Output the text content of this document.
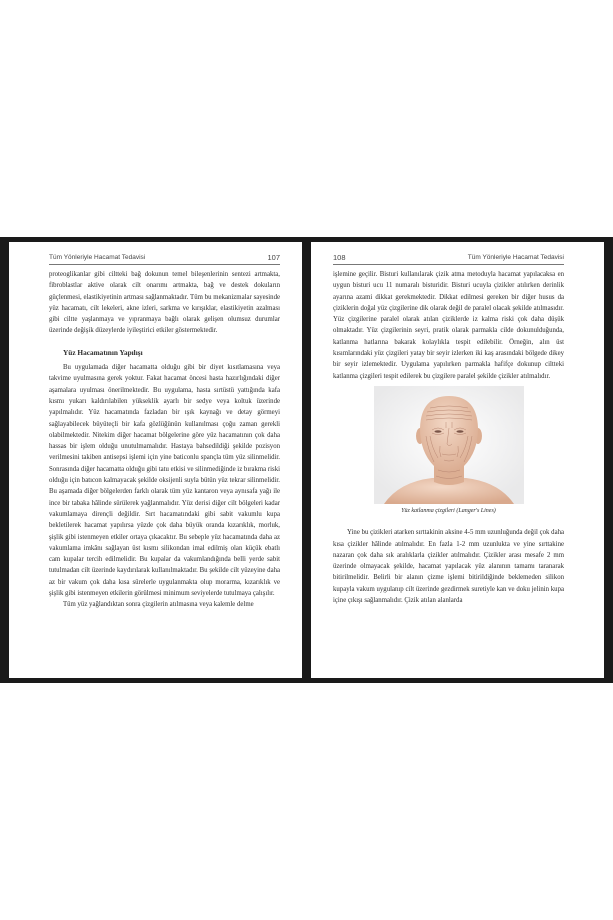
Tüm Yönleriyle Hacamat Tedavisi	107

proteoglikanlar gibi ciltteki bağ dokunun temel bileşenlerinin sentezi artmakta, fibroblastlar aktive olarak cilt onarımı artmakta, bağ ve destek dokuların güçlenmesi, elastikiyetinin artması sağlanmaktadır. Tüm bu mekanizmalar sayesinde yüz hacamatı, cilt lekeleri, akne izleri, sarkma ve kırışıklar, elastikiyetin azalması gibi ciltte yaşlanmaya ve yıpranmaya bağlı olarak gelişen olumsuz durumlar üzerinde değişik düzeylerde iyileştirici etkiler göstermektedir.

Yüz Hacamatının Yapılışı

Bu uygulamada diğer hacamatta olduğu gibi bir diyet kısıtlamasına veya takvime uyulmasına gerek yoktur. Fakat hacamat öncesi hasta hazırlığındaki diğer aşamalara uyulması önerilmektedir. Bu uygulama, hasta sırtüstü yattığında kafa kısmı yukarı kaldırılabilen yükseklik ayarlı bir sedye veya koltuk üzerinde yapılmalıdır. Yüz hacamatında fazladan bir ışık kaynağı ve detay görmeyi sağlayabilecek büyüteçli bir kafa gözlüğünün kullanılması çoğu zaman gerekli olabilmektedir. Nitekim diğer hacamat bölgelerine göre yüz hacamatının çok daha hassas bir işlem olduğu unutulmamalıdır. Hastaya bahsedildiği şekilde pozisyon verilmesini takiben antisepsi işlemi için yine baticonlu spançla tüm yüz silinmelidir. Sonrasında diğer hacamatta olduğu gibi tatu etkisi ve silinmediğinde iz bırakma riski olduğu için batıcon kalmayacak şekilde oksijenli suyla bütün yüz tekrar silinmelidir. Bu aşamada diğer bölgelerden farklı olarak tüm yüz kantaron veya aynısafa yağı ile ince bir tabaka hâlinde sürülerek yağlanmalıdır. Yüz derisi diğer cilt bölgeleri kadar vakumlamaya dirençli değildir. Sırt hacamatındaki gibi sabit vakumlu kupa bekletilerek hacamat yapılırsa yüzde çok daha büyük oranda kızarıklık, morluk, şişlik gibi istenmeyen etkiler ortaya çıkacaktır. Bu sebeple yüz hacamatında daha az vakumlama imkânı sağlayan üst kısmı silikondan imal edilmiş olan küçük ebatlı cam kupalar tercih edilmelidir. Bu kupalar da vakumlandığında belli yerde sabit tutulmadan cilt üzerinde kaydırılarak kullanılmaktadır. Bu şekilde cilt yüzeyine daha az bir vakum çok daha kısa sürelerle uygulanmakta olup morarma, kızarıklık ve şişlik gibi istenmeyen etkilerin görülmesi minimum seviyelerde tutulmaya çalışılır.

Tüm yüz yağlandıktan sonra çizgilerin atılmasına veya kalemle delme

108	Tüm Yönleriyle Hacamat Tedavisi

işlemine geçilir. Bisturi kullanılarak çizik atma metoduyla hacamat yapılacaksa en uygun bisturi ucu 11 numaralı bisturidir. Bisturi ucuyla çizikler atılırken derinlik ayarına azami dikkat gerekmektedir. Dikkat edilmesi gereken bir diğer husus da çiziklerin doğal yüz çizgilerine dik olarak değil de paralel olacak şekilde atılmasıdır. Yüz çizgilerine paralel olarak atılan çiziklerde iz kalma riski çok daha düşük olmaktadır. Yüz çizgilerinin seyri, pratik olarak parmakla cilde dokunulduğunda, katlanma hatlarına bakarak kolaylıkla tespit edilebilir. Örneğin, alın üst kısımlarındaki yüz çizgileri yatay bir seyir izlerken iki kaş arasındaki bölgede dikey bir seyir izlemektedir. Uygulama yapılırken parmakla hafifçe dokunup ciltteki katlanma çizgileri tespit edilerek bu çizgilere paralel şekilde çizikler atılmalıdır.

Yüz katlanma çizgileri (Langer's Lines)

Yine bu çizikleri atarken sırttakinin aksine 4-5 mm uzunluğunda değil çok daha kısa çizikler hâlinde atılmalıdır. En fazla 1-2 mm uzunlukta ve yine sırttakine nazaran çok daha sık aralıklarla çizikler atılmalıdır. Çizikler arası mesafe 2 mm üzerinde olmayacak şekilde, hacamat yapılacak yüz alanının tamamı taranarak bitirilmelidir. Belirli bir alanın çizme işlemi bitirildiğinde beklemeden silikon kupayla vakum uygulanıp cilt üzerinde gezdirmek suretiyle kan ve doku jelinin kupa içine çıkışı sağlanmalıdır. Çizik atılan alanlarda
